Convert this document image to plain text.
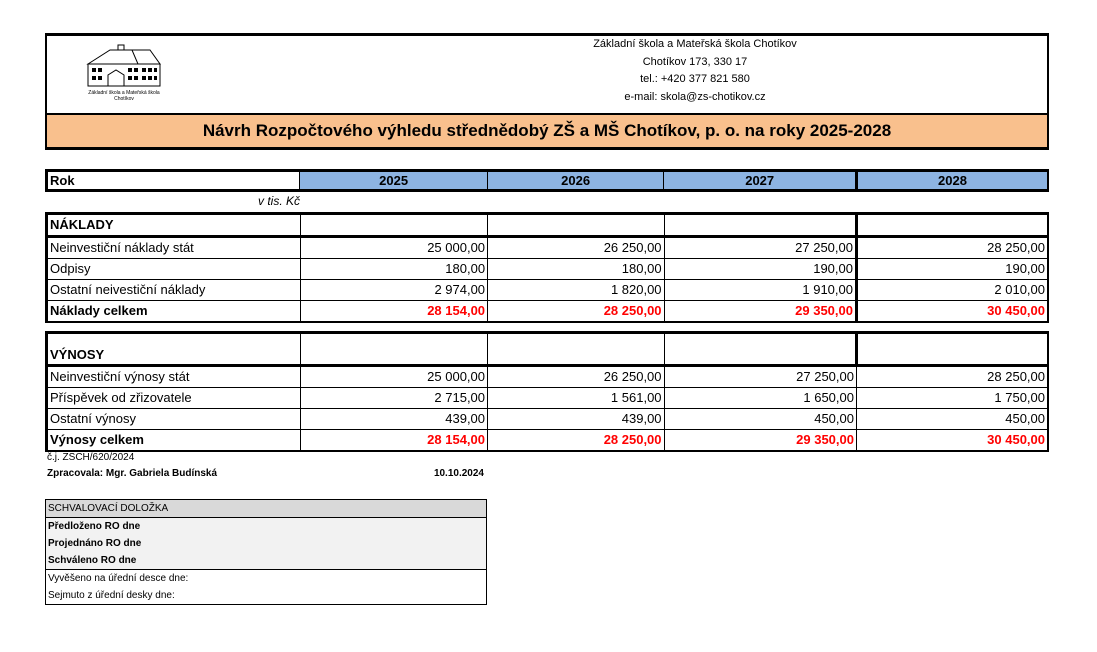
Základní škola a Mateřská škola
Chotíkov
Základní škola a Mateřská škola Chotíkov
Chotíkov 173, 330 17
tel.: +420 377 821 580
e-mail: skola@zs-chotikov.cz
Návrh Rozpočtového výhledu střednědobý ZŠ a MŠ Chotíkov, p. o. na roky 2025-2028
Rok	2025	2026	2027	2028
v tis. Kč
NÁKLADY				
Neinvestiční náklady stát	25 000,00	26 250,00	27 250,00	28 250,00
Odpisy	180,00	180,00	190,00	190,00
Ostatní neivestiční náklady	2 974,00	1 820,00	1 910,00	2 010,00
Náklady celkem	28 154,00	28 250,00	29 350,00	30 450,00
VÝNOSY				
Neinvestiční výnosy stát	25 000,00	26 250,00	27 250,00	28 250,00
Příspěvek od zřizovatele	2 715,00	1 561,00	1 650,00	1 750,00
Ostatní výnosy	439,00	439,00	450,00	450,00
Výnosy celkem	28 154,00	28 250,00	29 350,00	30 450,00
č.j. ZSCH/620/2024
Zpracovala: Mgr. Gabriela Budínská	10.10.2024
SCHVALOVACÍ DOLOŽKA
Předloženo RO dne
Projednáno RO dne
Schváleno RO dne
Vyvěšeno na úřední desce dne:
Sejmuto z úřední desky dne:
